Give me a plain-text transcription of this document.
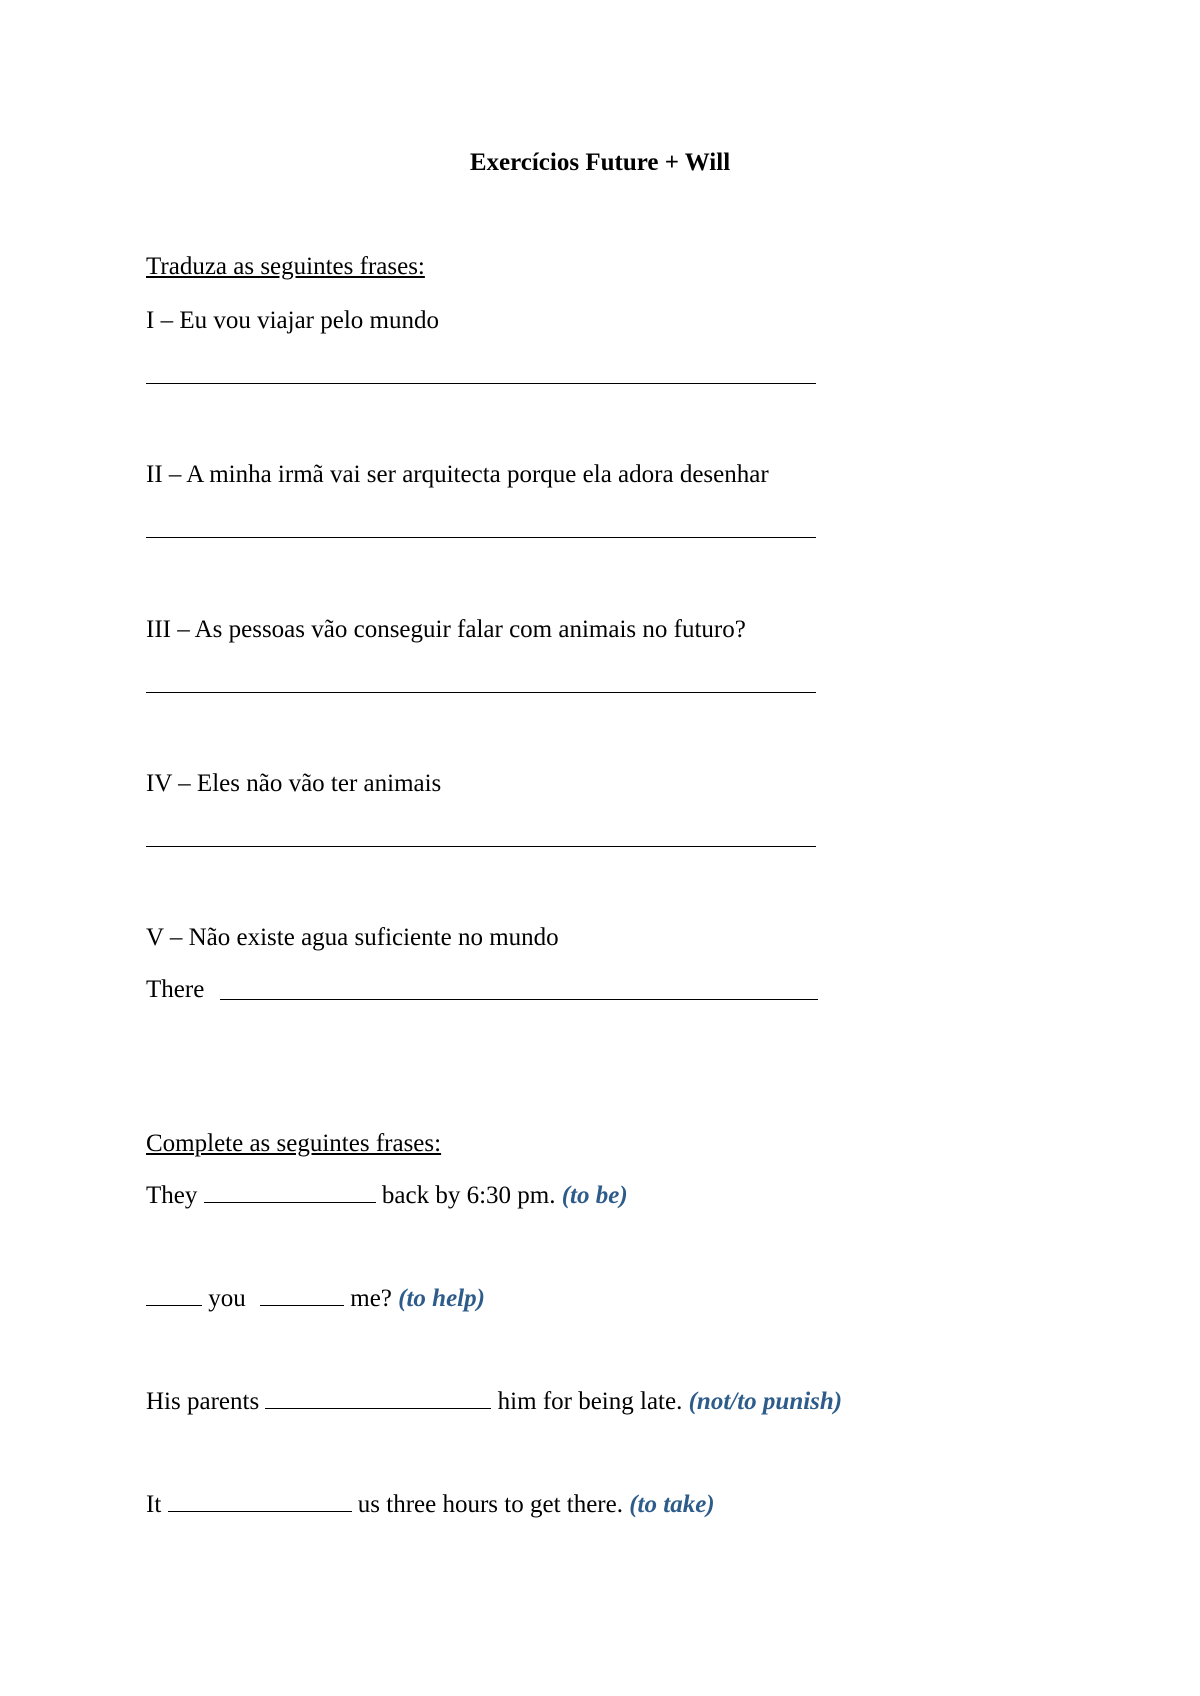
Exercícios Future + Will
Traduza as seguintes frases:
I – Eu vou viajar pelo mundo
II – A minha irmã vai ser arquitecta porque ela adora desenhar
III – As pessoas vão conseguir falar com animais no futuro?
IV – Eles não vão ter animais
V – Não existe agua suficiente no mundo
There
Complete as seguintes frases:
They	back by 6:30 pm. (to be)
you	me? (to help)
His parents	him for being late. (not/to punish)
It	us three hours to get there. (to take)
